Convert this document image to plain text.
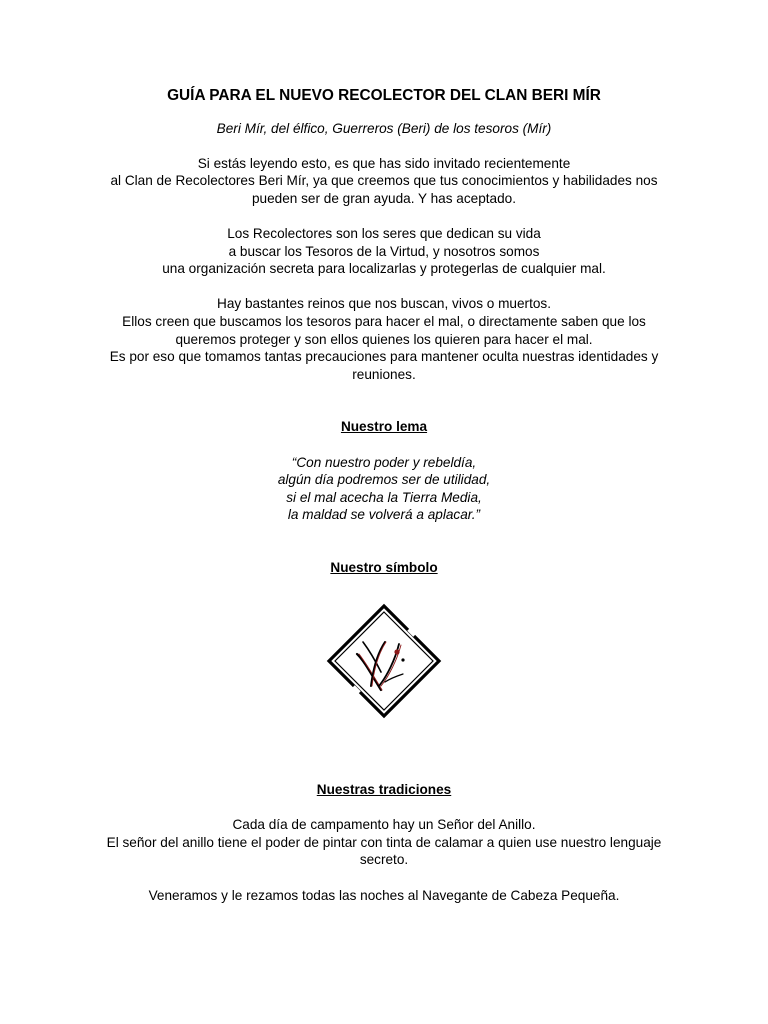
GUÍA PARA EL NUEVO RECOLECTOR DEL CLAN BERI MÍR
Beri Mír, del élfico, Guerreros (Beri) de los tesoros (Mír)
Si estás leyendo esto, es que has sido invitado recientemente
al Clan de Recolectores Beri Mír, ya que creemos que tus conocimientos y habilidades nos
pueden ser de gran ayuda. Y has aceptado.
Los Recolectores son los seres que dedican su vida
a buscar los Tesoros de la Virtud, y nosotros somos
una organización secreta para localizarlas y protegerlas de cualquier mal.
Hay bastantes reinos que nos buscan, vivos o muertos.
Ellos creen que buscamos los tesoros para hacer el mal, o directamente saben que los
queremos proteger y son ellos quienes los quieren para hacer el mal.
Es por eso que tomamos tantas precauciones para mantener oculta nuestras identidades y
reuniones.
Nuestro lema
“Con nuestro poder y rebeldía,
algún día podremos ser de utilidad,
si el mal acecha la Tierra Media,
la maldad se volverá a aplacar.”
Nuestro símbolo
Nuestras tradiciones
Cada día de campamento hay un Señor del Anillo.
El señor del anillo tiene el poder de pintar con tinta de calamar a quien use nuestro lenguaje
secreto.
Veneramos y le rezamos todas las noches al Navegante de Cabeza Pequeña.
